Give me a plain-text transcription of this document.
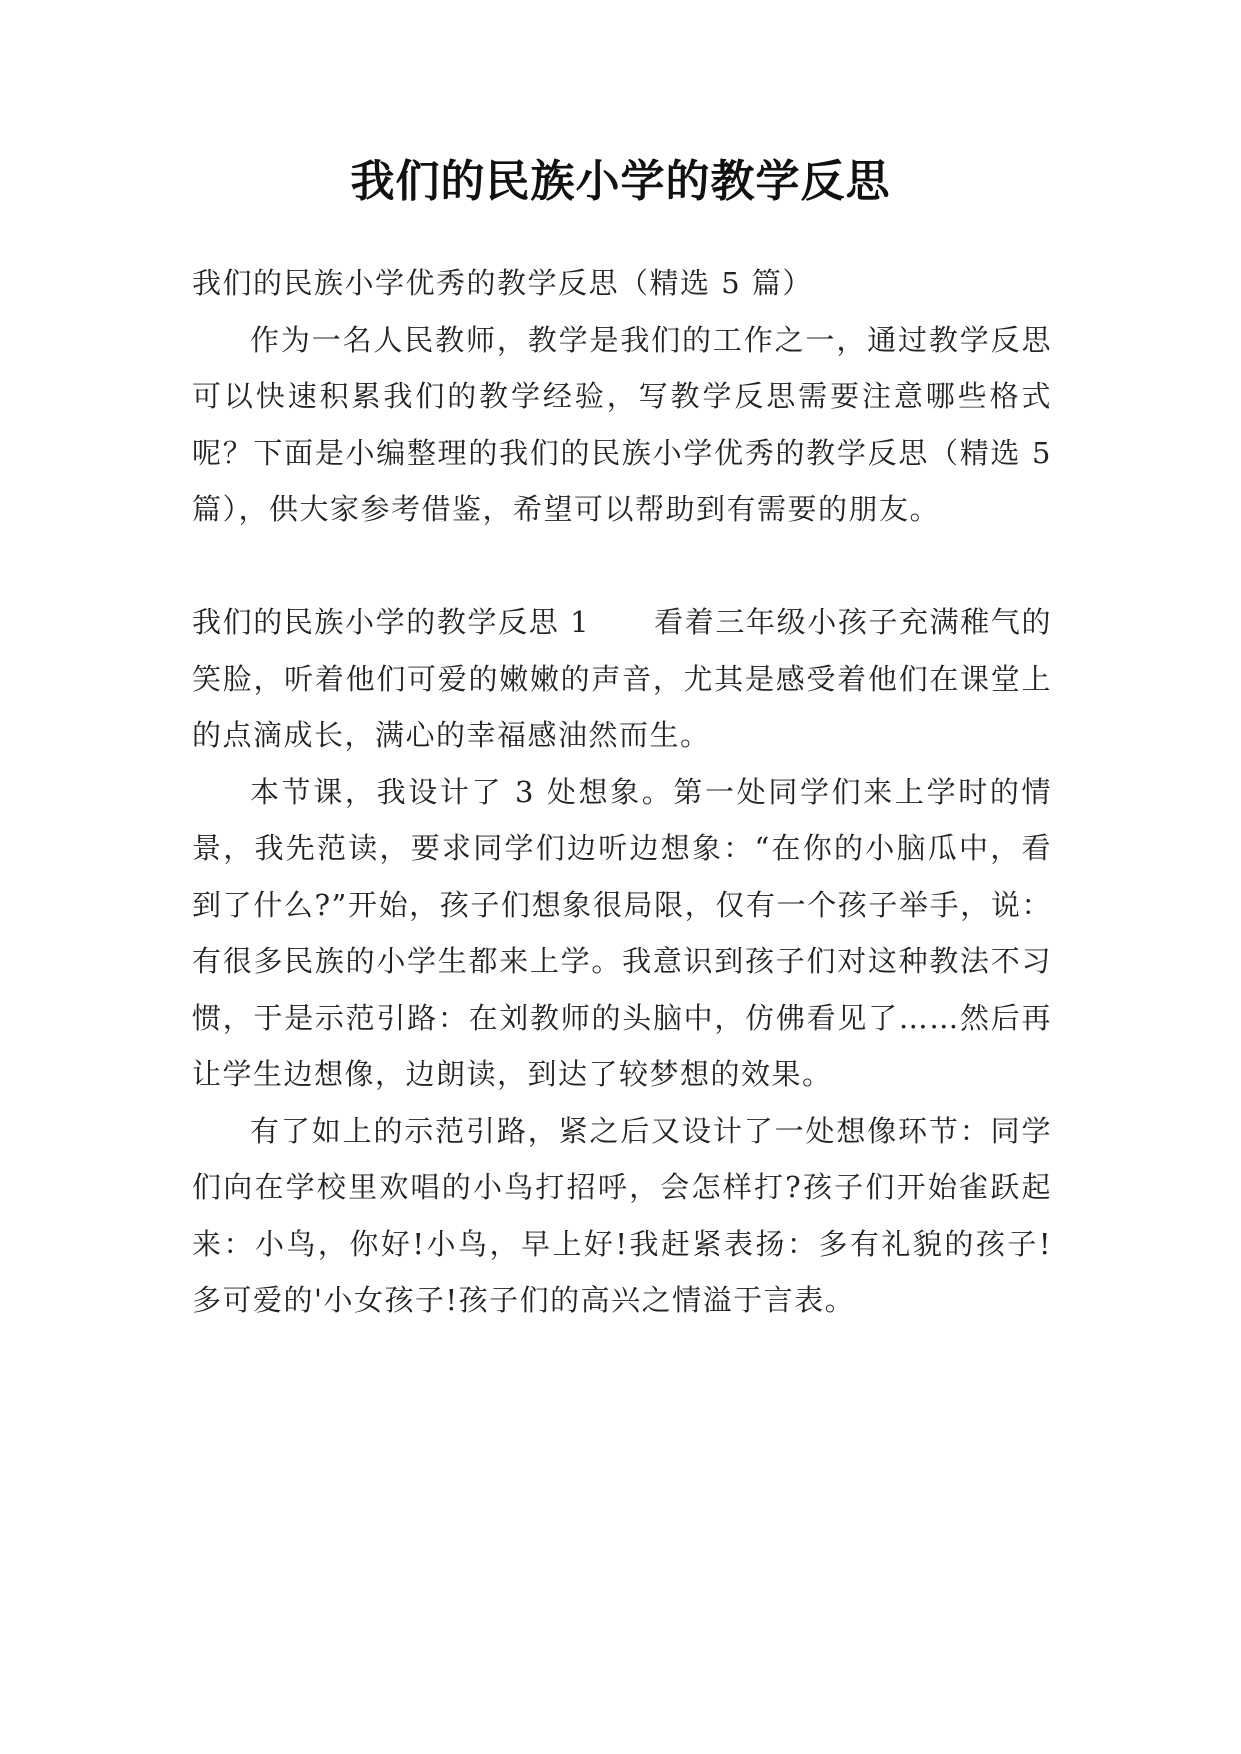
我们的民族小学的教学反思

我们的民族小学优秀的教学反思（精选 5 篇）

作为一名人民教师，教学是我们的工作之一，通过教学反思可以快速积累我们的教学经验，写教学反思需要注意哪些格式呢？下面是小编整理的我们的民族小学优秀的教学反思（精选 5 篇），供大家参考借鉴，希望可以帮助到有需要的朋友。

我们的民族小学的教学反思 1 看着三年级小孩子充满稚气的笑脸，听着他们可爱的嫩嫩的声音，尤其是感受着他们在课堂上的点滴成长，满心的幸福感油然而生。

本节课，我设计了 3 处想象。第一处同学们来上学时的情景，我先范读，要求同学们边听边想象：“在你的小脑瓜中，看到了什么?”开始，孩子们想象很局限，仅有一个孩子举手，说：有很多民族的小学生都来上学。我意识到孩子们对这种教法不习惯，于是示范引路：在刘教师的头脑中，仿佛看见了……然后再让学生边想像，边朗读，到达了较梦想的效果。

有了如上的示范引路，紧之后又设计了一处想像环节：同学们向在学校里欢唱的小鸟打招呼，会怎样打?孩子们开始雀跃起来：小鸟，你好!小鸟，早上好!我赶紧表扬：多有礼貌的孩子!多可爱的'小女孩子!孩子们的高兴之情溢于言表。
